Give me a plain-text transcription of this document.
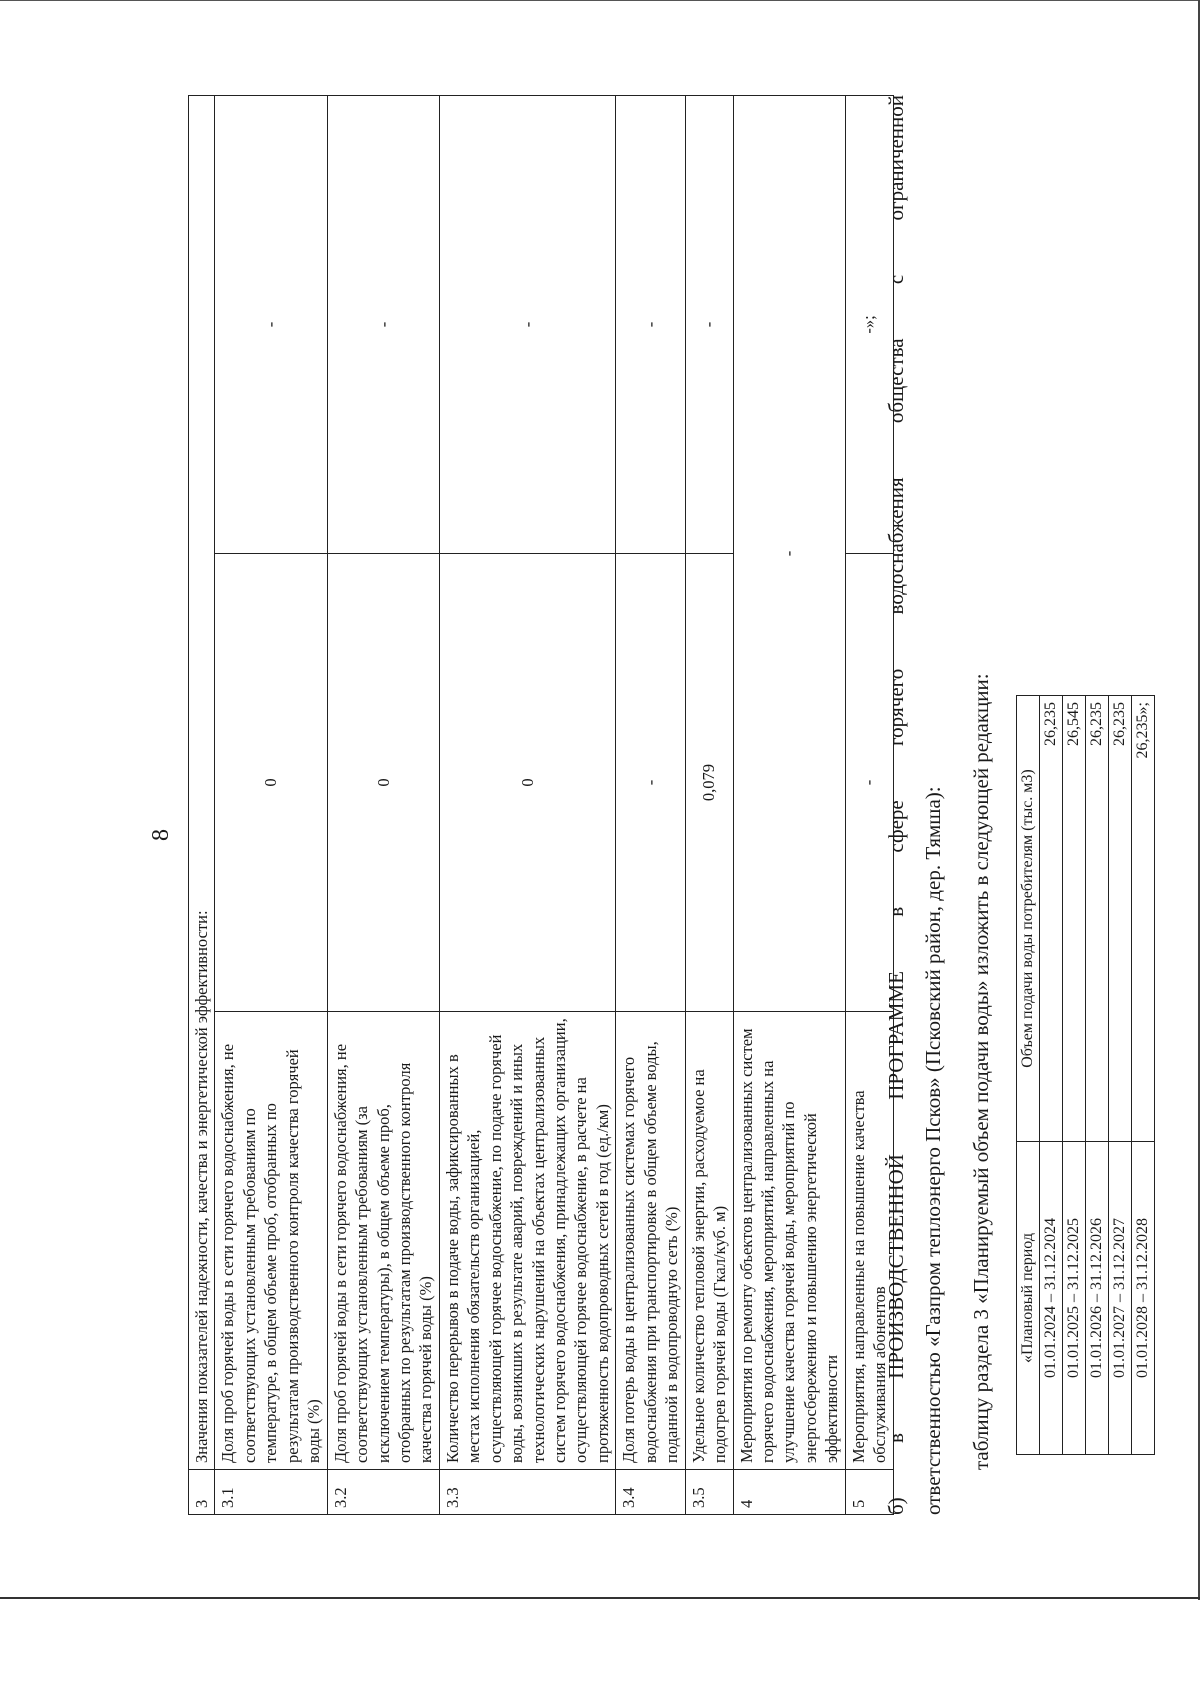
8
3	Значения показателей надежности, качества и энергетической эффективности:		
3.1	Доля проб горячей воды в сети горячего водоснабжения, не соответствующих установленным требованиям по температуре, в общем объеме проб, отобранных по результатам производственного контроля качества горячей воды (%)	0	-
3.2	Доля проб горячей воды в сети горячего водоснабжения, не соответствующих установленным требованиям (за исключением температуры), в общем объеме проб, отобранных по результатам производственного контроля качества горячей воды (%)	0	-
3.3	Количество перерывов в подаче воды, зафиксированных в местах исполнения обязательств организацией, осуществляющей горячее водоснабжение, по подаче горячей воды, возникших в результате аварий, повреждений и иных технологических нарушений на объектах централизованных систем горячего водоснабжения, принадлежащих организации, осуществляющей горячее водоснабжение, в расчете на протяженность водопроводных сетей в год (ед./км)	0	-
3.4	Доля потерь воды в централизованных системах горячего водоснабжения при транспортировке в общем объеме воды, поданной в водопроводную сеть (%)	-	-
3.5	Удельное количество тепловой энергии, расходуемое на подогрев горячей воды (Гкал/куб. м)	0,079	-
4	Мероприятия по ремонту объектов централизованных систем горячего водоснабжения, мероприятий, направленных на улучшение качества горячей воды, мероприятий по энергосбережению и повышению энергетической эффективности	-	
5	Мероприятия, направленные на повышение качества обслуживания абонентов	-	-»; б) в ПРОИЗВОДСТВЕННОЙ ПРОГРАММЕ в сфере горячего водоснабжения общества с ограниченной ответственностью «Газпром теплоэнерго Псков» (Псковский район, дер. Тямша): таблицу раздела 3 «Планируемый объем подачи воды» изложить в следующей редакции: «Плановый период	Объем подачи воды потребителям (тыс. м3)
01.01.2024 – 31.12.2024	26,235
01.01.2025 – 31.12.2025	26,545
01.01.2026 – 31.12.2026	26,235
01.01.2027 – 31.12.2027	26,235
01.01.2028 – 31.12.2028	26,235»;
